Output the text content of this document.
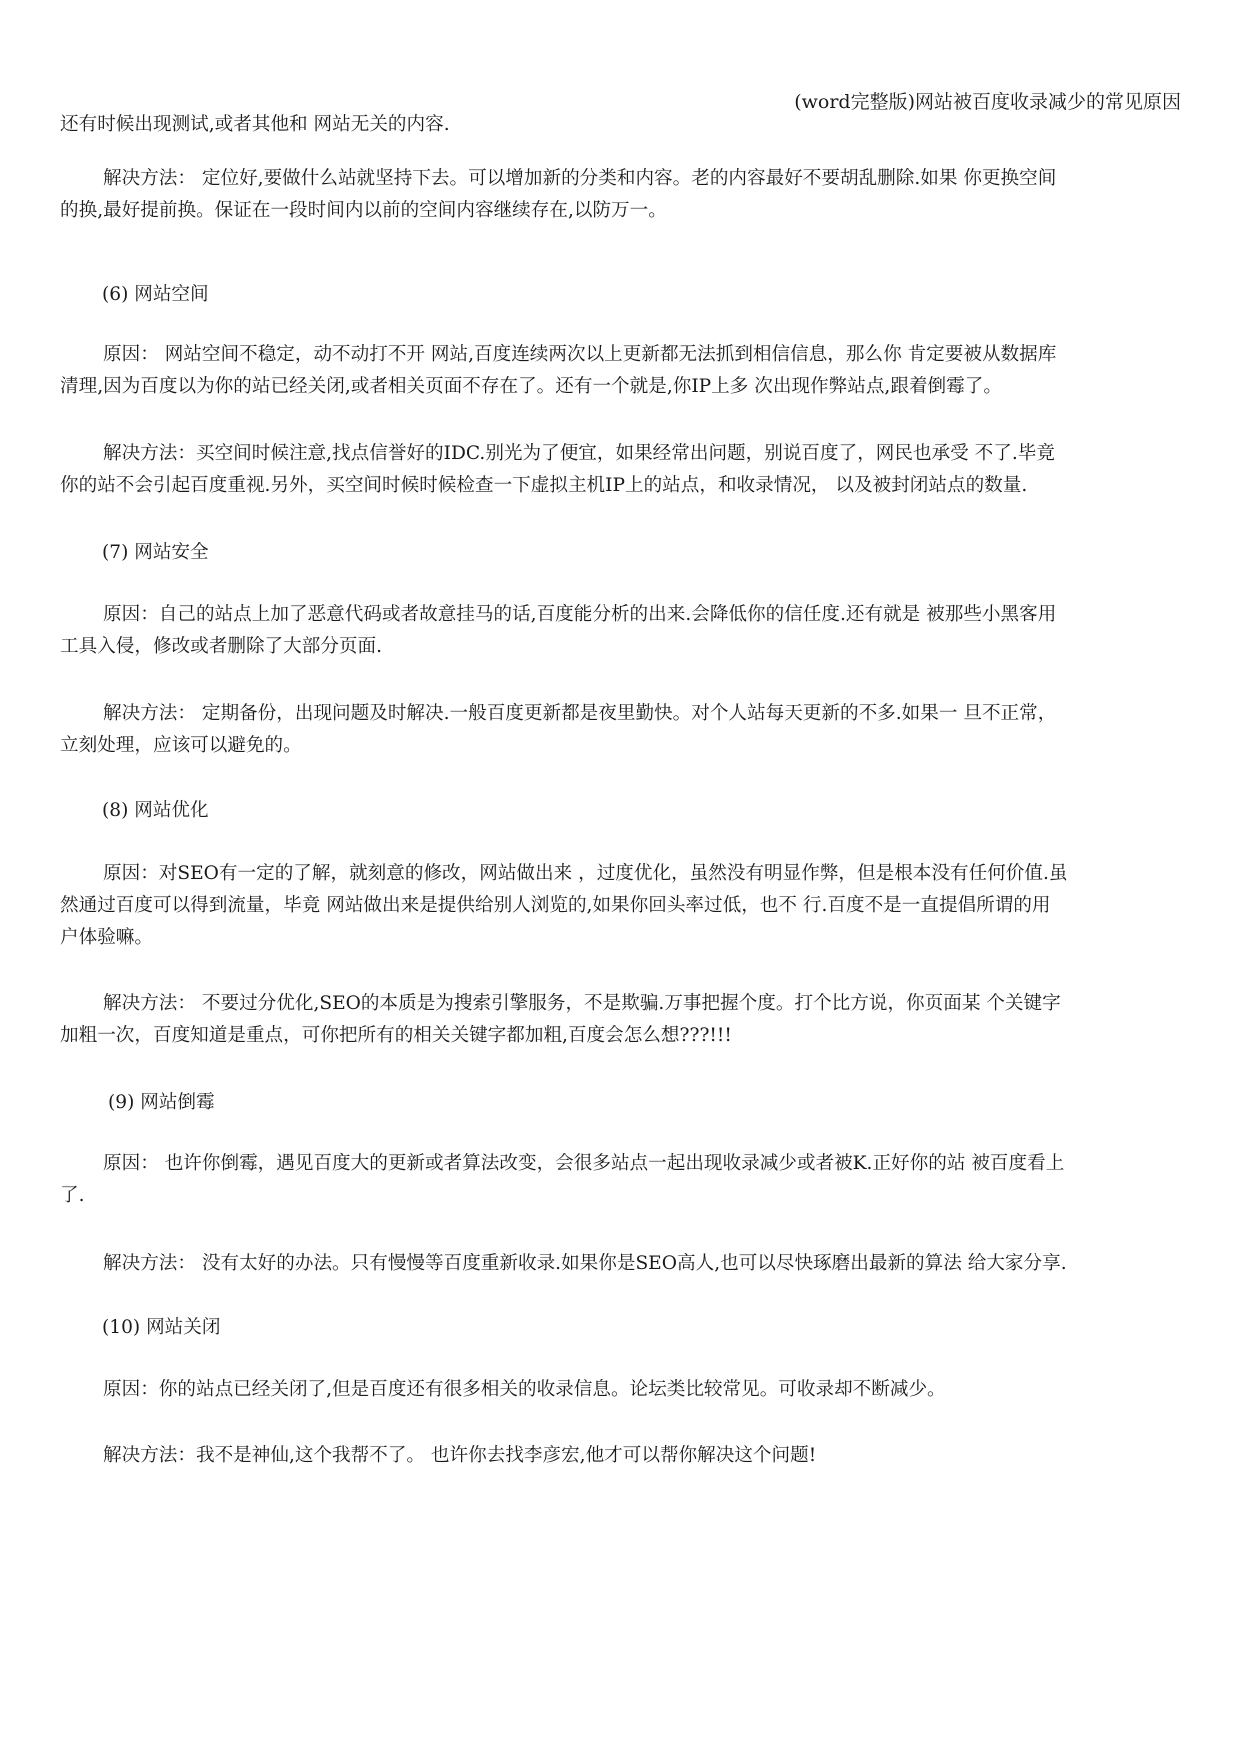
(word完整版)网站被百度收录减少的常见原因
还有时候出现测试,或者其他和 网站无关的内容.
解决方法： 定位好,要做什么站就坚持下去。可以增加新的分类和内容。老的内容最好不要胡乱删除.如果 你更换空间
的换,最好提前换。保证在一段时间内以前的空间内容继续存在,以防万一。
(6) 网站空间
原因： 网站空间不稳定，动不动打不开 网站,百度连续两次以上更新都无法抓到相信信息，那么你 肯定要被从数据库
清理,因为百度以为你的站已经关闭,或者相关页面不存在了。还有一个就是,你IP上多 次出现作弊站点,跟着倒霉了。
解决方法：买空间时候注意,找点信誉好的IDC.别光为了便宜，如果经常出问题，别说百度了，网民也承受 不了.毕竟
你的站不会引起百度重视.另外，买空间时候时候检查一下虚拟主机IP上的站点，和收录情况， 以及被封闭站点的数量.
(7) 网站安全
原因：自己的站点上加了恶意代码或者故意挂马的话,百度能分析的出来.会降低你的信任度.还有就是 被那些小黑客用
工具入侵，修改或者删除了大部分页面.
解决方法： 定期备份，出现问题及时解决.一般百度更新都是夜里勤快。对个人站每天更新的不多.如果一 旦不正常，
立刻处理，应该可以避免的。
(8) 网站优化
原因：对SEO有一定的了解，就刻意的修改，网站做出来 ，过度优化，虽然没有明显作弊，但是根本没有任何价值.虽
然通过百度可以得到流量，毕竟 网站做出来是提供给别人浏览的,如果你回头率过低，也不 行.百度不是一直提倡所谓的用
户体验嘛。
解决方法： 不要过分优化,SEO的本质是为搜索引擎服务，不是欺骗.万事把握个度。打个比方说，你页面某 个关键字
加粗一次，百度知道是重点，可你把所有的相关关键字都加粗,百度会怎么想???!!!
(9) 网站倒霉
原因： 也许你倒霉，遇见百度大的更新或者算法改变，会很多站点一起出现收录减少或者被K.正好你的站 被百度看上
了.
解决方法： 没有太好的办法。只有慢慢等百度重新收录.如果你是SEO高人,也可以尽快琢磨出最新的算法 给大家分享.
(10) 网站关闭
原因：你的站点已经关闭了,但是百度还有很多相关的收录信息。论坛类比较常见。可收录却不断减少。
解决方法：我不是神仙,这个我帮不了。 也许你去找李彦宏,他才可以帮你解决这个问题!
